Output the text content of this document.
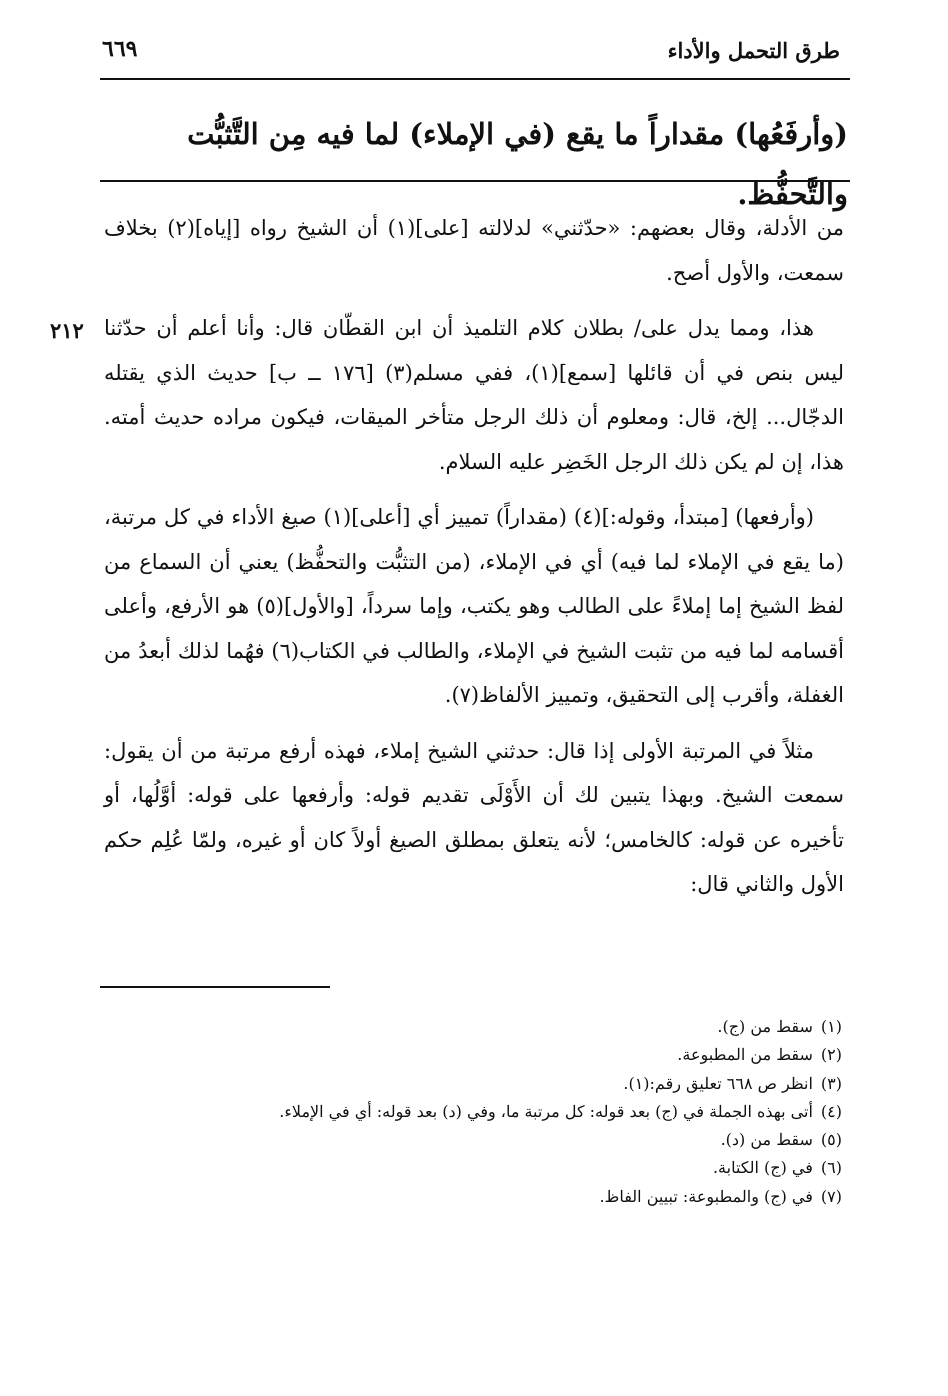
طرق التحمل والأداء
٦٦٩
(وأرفَعُها) مقداراً ما يقع (في الإملاء) لما فيه مِن التَّثبُّت والتَّحفُّظ.
٢١٢

من الأدلة، وقال بعضهم: «حدّثني» لدلالته [على](١) أن الشيخ رواه [إياه](٢) بخلاف سمعت، والأول أصح.

هذا، ومما يدل على/ بطلان كلام التلميذ أن ابن القطّان قال: وأنا أعلم أن حدّثنا ليس بنص في أن قائلها [سمع](١)، ففي مسلم(٣) [١٧٦ ــ ب] حديث الذي يقتله الدجّال... إلخ، قال: ومعلوم أن ذلك الرجل متأخر الميقات، فيكون مراده حديث أمته. هذا، إن لم يكن ذلك الرجل الخَضِر عليه السلام.

(وأرفعها) [مبتدأ، وقوله:](٤) (مقداراً) تمييز أي [أعلى](١) صيغ الأداء في كل مرتبة، (ما يقع في الإملاء لما فيه) أي في الإملاء، (من التثبُّت والتحفُّظ) يعني أن السماع من لفظ الشيخ إما إملاءً على الطالب وهو يكتب، وإما سرداً، [والأول](٥) هو الأرفع، وأعلى أقسامه لما فيه من تثبت الشيخ في الإملاء، والطالب في الكتاب(٦) فهُما لذلك أبعدُ من الغفلة، وأقرب إلى التحقيق، وتمييز الألفاظ(٧).

مثلاً في المرتبة الأولى إذا قال: حدثني الشيخ إملاء، فهذه أرفع مرتبة من أن يقول: سمعت الشيخ. وبهذا يتبين لك أن الأَوْلَى تقديم قوله: وأرفعها على قوله: أوَّلُها، أو تأخيره عن قوله: كالخامس؛ لأنه يتعلق بمطلق الصيغ أولاً كان أو غيره، ولمّا عُلِم حكم الأول والثاني قال:

(١)سقط من (ج).
(٢)سقط من المطبوعة.
(٣)انظر ص ٦٦٨ تعليق رقم:(١).
(٤)أتى بهذه الجملة في (ج) بعد قوله: كل مرتبة ما، وفي (د) بعد قوله: أي في الإملاء.
(٥)سقط من (د).
(٦)في (ج) الكتابة.
(٧)في (ج) والمطبوعة: تبيين الفاظ.
